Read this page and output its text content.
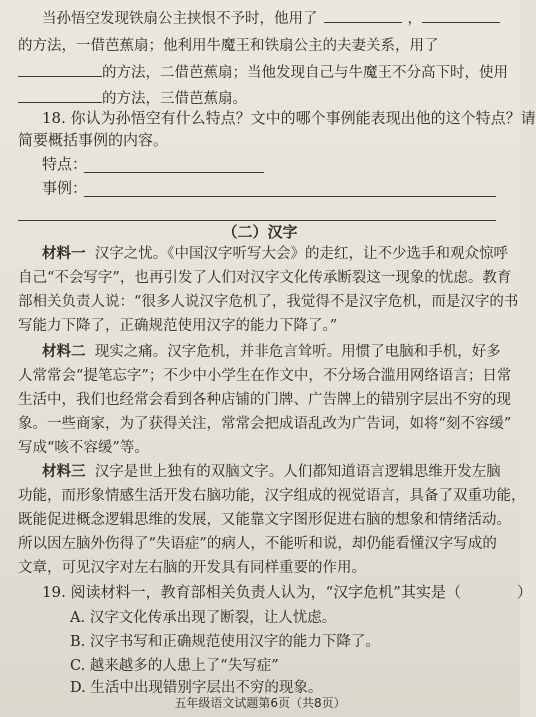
当孙悟空发现铁扇公主挟恨不予时，他用了	，
的方法，一借芭蕉扇；他利用牛魔王和铁扇公主的夫妻关系，用了
的方法，二借芭蕉扇；当他发现自己与牛魔王不分高下时，使用
的方法，三借芭蕉扇。
18. 你认为孙悟空有什么特点？文中的哪个事例能表现出他的这个特点？请
简要概括事例的内容。
特点：
事例：
（二）汉字
材料一 汉字之忧。《中国汉字听写大会》的走红，让不少选手和观众惊呼
自己“不会写字”，也再引发了人们对汉字文化传承断裂这一现象的忧虑。教育
部相关负责人说：“很多人说汉字危机了，我觉得不是汉字危机，而是汉字的书
写能力下降了，正确规范使用汉字的能力下降了。”
材料二 现实之痛。汉字危机，并非危言耸听。用惯了电脑和手机，好多
人常常会“提笔忘字”；不少中小学生在作文中，不分场合滥用网络语言；日常
生活中，我们也经常会看到各种店铺的门牌、广告牌上的错别字层出不穷的现
象。一些商家，为了获得关注，常常会把成语乱改为广告词，如将“刻不容缓”
写成“咳不容缓”等。
材料三 汉字是世上独有的双脑文字。人们都知道语言逻辑思维开发左脑
功能，而形象情感生活开发右脑功能，汉字组成的视觉语言，具备了双重功能，
既能促进概念逻辑思维的发展，又能靠文字图形促进右脑的想象和情绪活动。
所以因左脑外伤得了“失语症”的病人，不能听和说，却仍能看懂汉字写成的
文章，可见汉字对左右脑的开发具有同样重要的作用。
19. 阅读材料一，教育部相关负责人认为，“汉字危机”其实是（	）
A. 汉字文化传承出现了断裂，让人忧虑。
B. 汉字书写和正确规范使用汉字的能力下降了。
C. 越来越多的人患上了“失写症”
D. 生活中出现错别字层出不穷的现象。
五年级语文试题第6页（共8页）
